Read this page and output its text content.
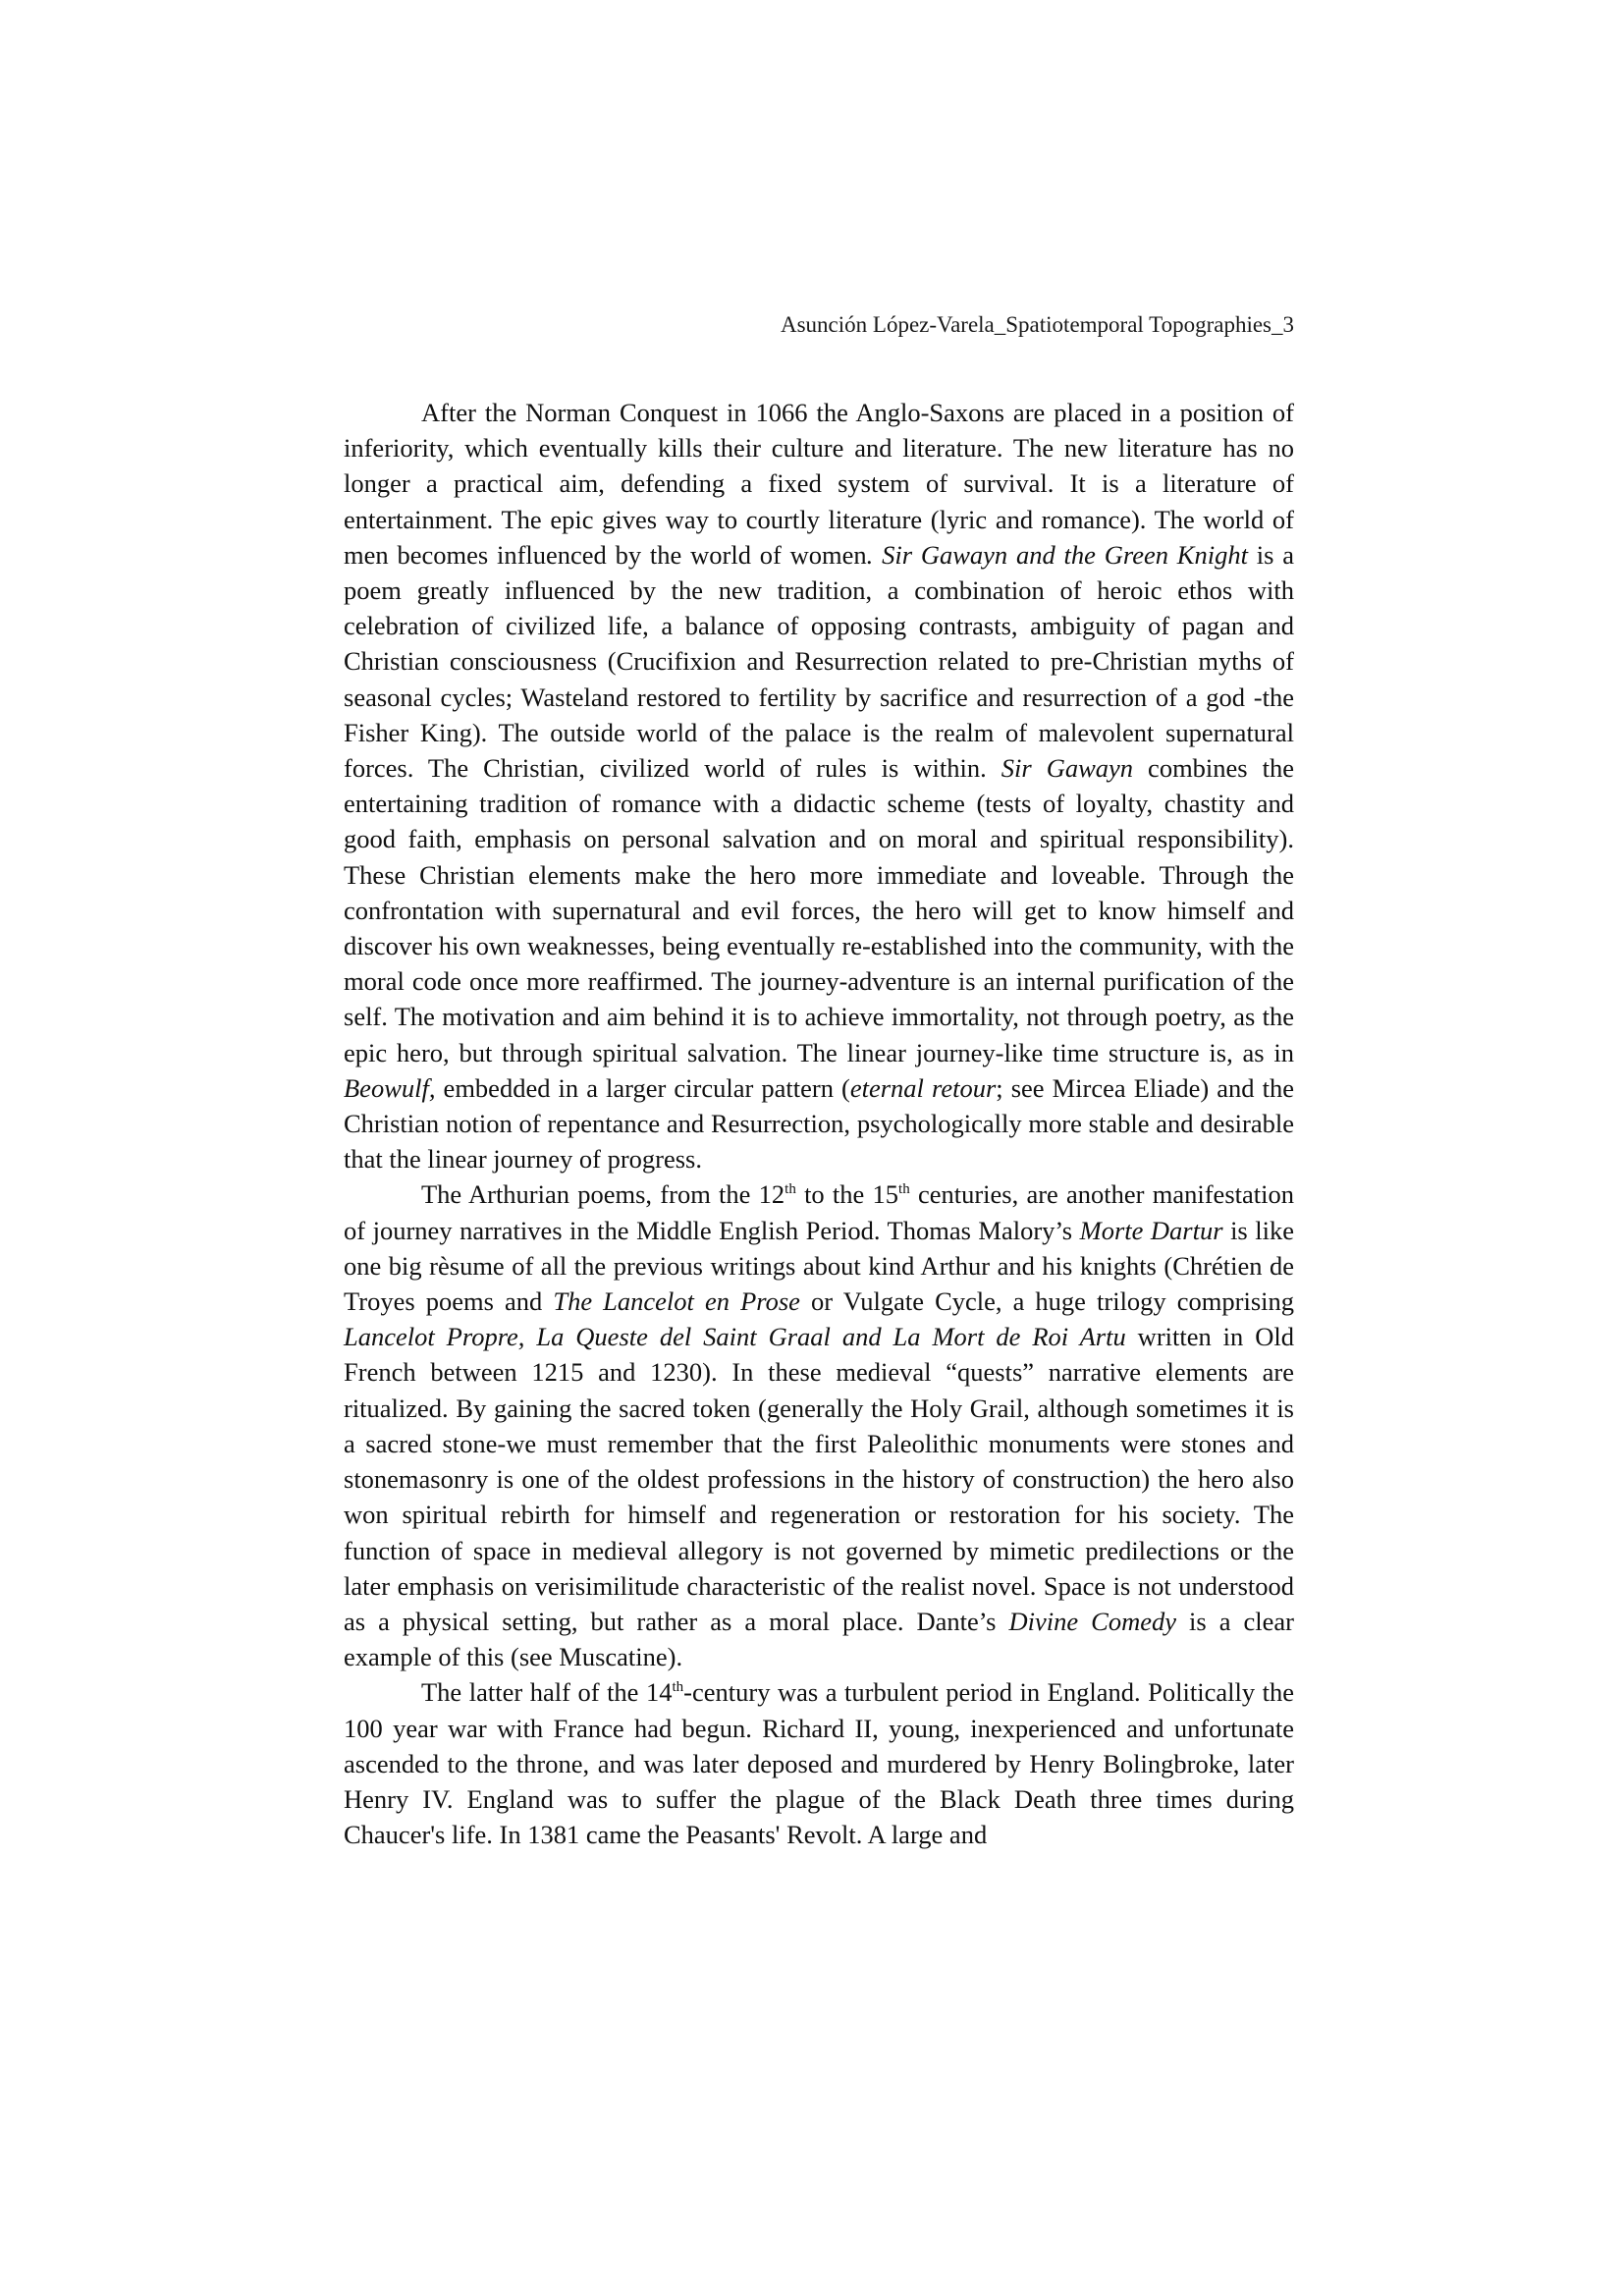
Asunción López-Varela_Spatiotemporal Topographies_3

After the Norman Conquest in 1066 the Anglo-Saxons are placed in a position of inferiority, which eventually kills their culture and literature. The new literature has no longer a practical aim, defending a fixed system of survival. It is a literature of entertainment. The epic gives way to courtly literature (lyric and romance). The world of men becomes influenced by the world of women. Sir Gawayn and the Green Knight is a poem greatly influenced by the new tradition, a combination of heroic ethos with celebration of civilized life, a balance of opposing contrasts, ambiguity of pagan and Christian consciousness (Crucifixion and Resurrection related to pre-Christian myths of seasonal cycles; Wasteland restored to fertility by sacrifice and resurrection of a god -the Fisher King). The outside world of the palace is the realm of malevolent supernatural forces. The Christian, civilized world of rules is within. Sir Gawayn combines the entertaining tradition of romance with a didactic scheme (tests of loyalty, chastity and good faith, emphasis on personal salvation and on moral and spiritual responsibility). These Christian elements make the hero more immediate and loveable. Through the confrontation with supernatural and evil forces, the hero will get to know himself and discover his own weaknesses, being eventually re-established into the community, with the moral code once more reaffirmed. The journey-adventure is an internal purification of the self. The motivation and aim behind it is to achieve immortality, not through poetry, as the epic hero, but through spiritual salvation. The linear journey-like time structure is, as in Beowulf, embedded in a larger circular pattern (eternal retour; see Mircea Eliade) and the Christian notion of repentance and Resurrection, psychologically more stable and desirable that the linear journey of progress.

The Arthurian poems, from the 12th to the 15th centuries, are another manifestation of journey narratives in the Middle English Period. Thomas Malory’s Morte Dartur is like one big rèsume of all the previous writings about kind Arthur and his knights (Chrétien de Troyes poems and The Lancelot en Prose or Vulgate Cycle, a huge trilogy comprising Lancelot Propre, La Queste del Saint Graal and La Mort de Roi Artu written in Old French between 1215 and 1230). In these medieval “quests” narrative elements are ritualized. By gaining the sacred token (generally the Holy Grail, although sometimes it is a sacred stone-we must remember that the first Paleolithic monuments were stones and stonemasonry is one of the oldest professions in the history of construction) the hero also won spiritual rebirth for himself and regeneration or restoration for his society. The function of space in medieval allegory is not governed by mimetic predilections or the later emphasis on verisimilitude characteristic of the realist novel. Space is not understood as a physical setting, but rather as a moral place. Dante’s Divine Comedy is a clear example of this (see Muscatine).

The latter half of the 14th-century was a turbulent period in England. Politically the 100 year war with France had begun. Richard II, young, inexperienced and unfortunate ascended to the throne, and was later deposed and murdered by Henry Bolingbroke, later Henry IV. England was to suffer the plague of the Black Death three times during Chaucer's life. In 1381 came the Peasants' Revolt. A large and
